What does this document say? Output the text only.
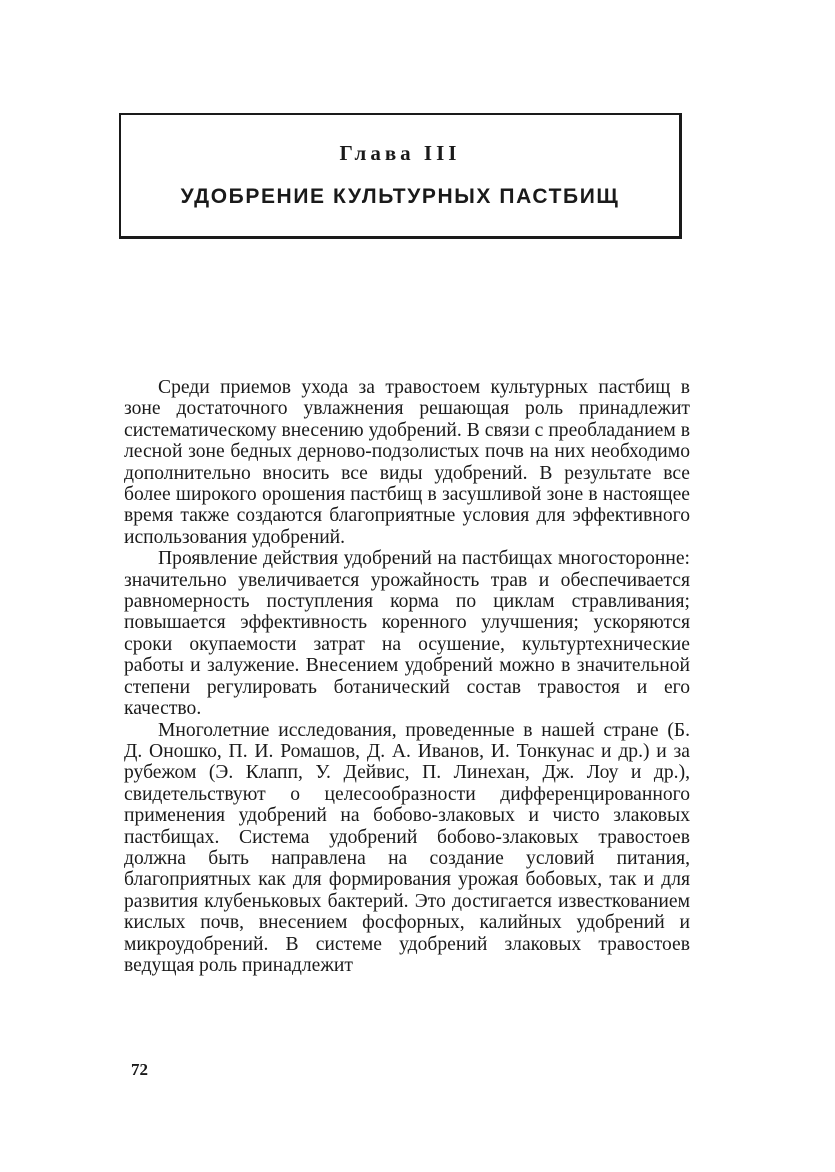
Глава III
УДОБРЕНИЕ КУЛЬТУРНЫХ ПАСТБИЩ

Среди приемов ухода за травостоем культурных пастбищ в зоне достаточного увлажнения решающая роль принадлежит систематическому внесению удобрений. В связи с преобладанием в лесной зоне бедных дерново-подзолистых почв на них необходимо дополнительно вносить все виды удобрений. В результате все более широкого орошения пастбищ в засушливой зоне в настоящее время также создаются благоприятные условия для эффективного использования удобрений.

Проявление действия удобрений на пастбищах многосторонне: значительно увеличивается урожайность трав и обеспечивается равномерность поступления корма по циклам стравливания; повышается эффективность коренного улучшения; ускоряются сроки окупаемости затрат на осушение, культуртехнические работы и залужение. Внесением удобрений можно в значительной степени регулировать ботанический состав травостоя и его качество.

Многолетние исследования, проведенные в нашей стране (Б. Д. Оношко, П. И. Ромашов, Д. А. Иванов, И. Тонкунас и др.) и за рубежом (Э. Клапп, У. Дейвис, П. Линехан, Дж. Лоу и др.), свидетельствуют о целесообразности дифференцированного применения удобрений на бобово-злаковых и чисто злаковых пастбищах. Система удобрений бобово-злаковых травостоев должна быть направлена на создание условий питания, благоприятных как для формирования урожая бобовых, так и для развития клубеньковых бактерий. Это достигается известкованием кислых почв, внесением фосфорных, калийных удобрений и микроудобрений. В системе удобрений злаковых травостоев ведущая роль принадлежит

72
